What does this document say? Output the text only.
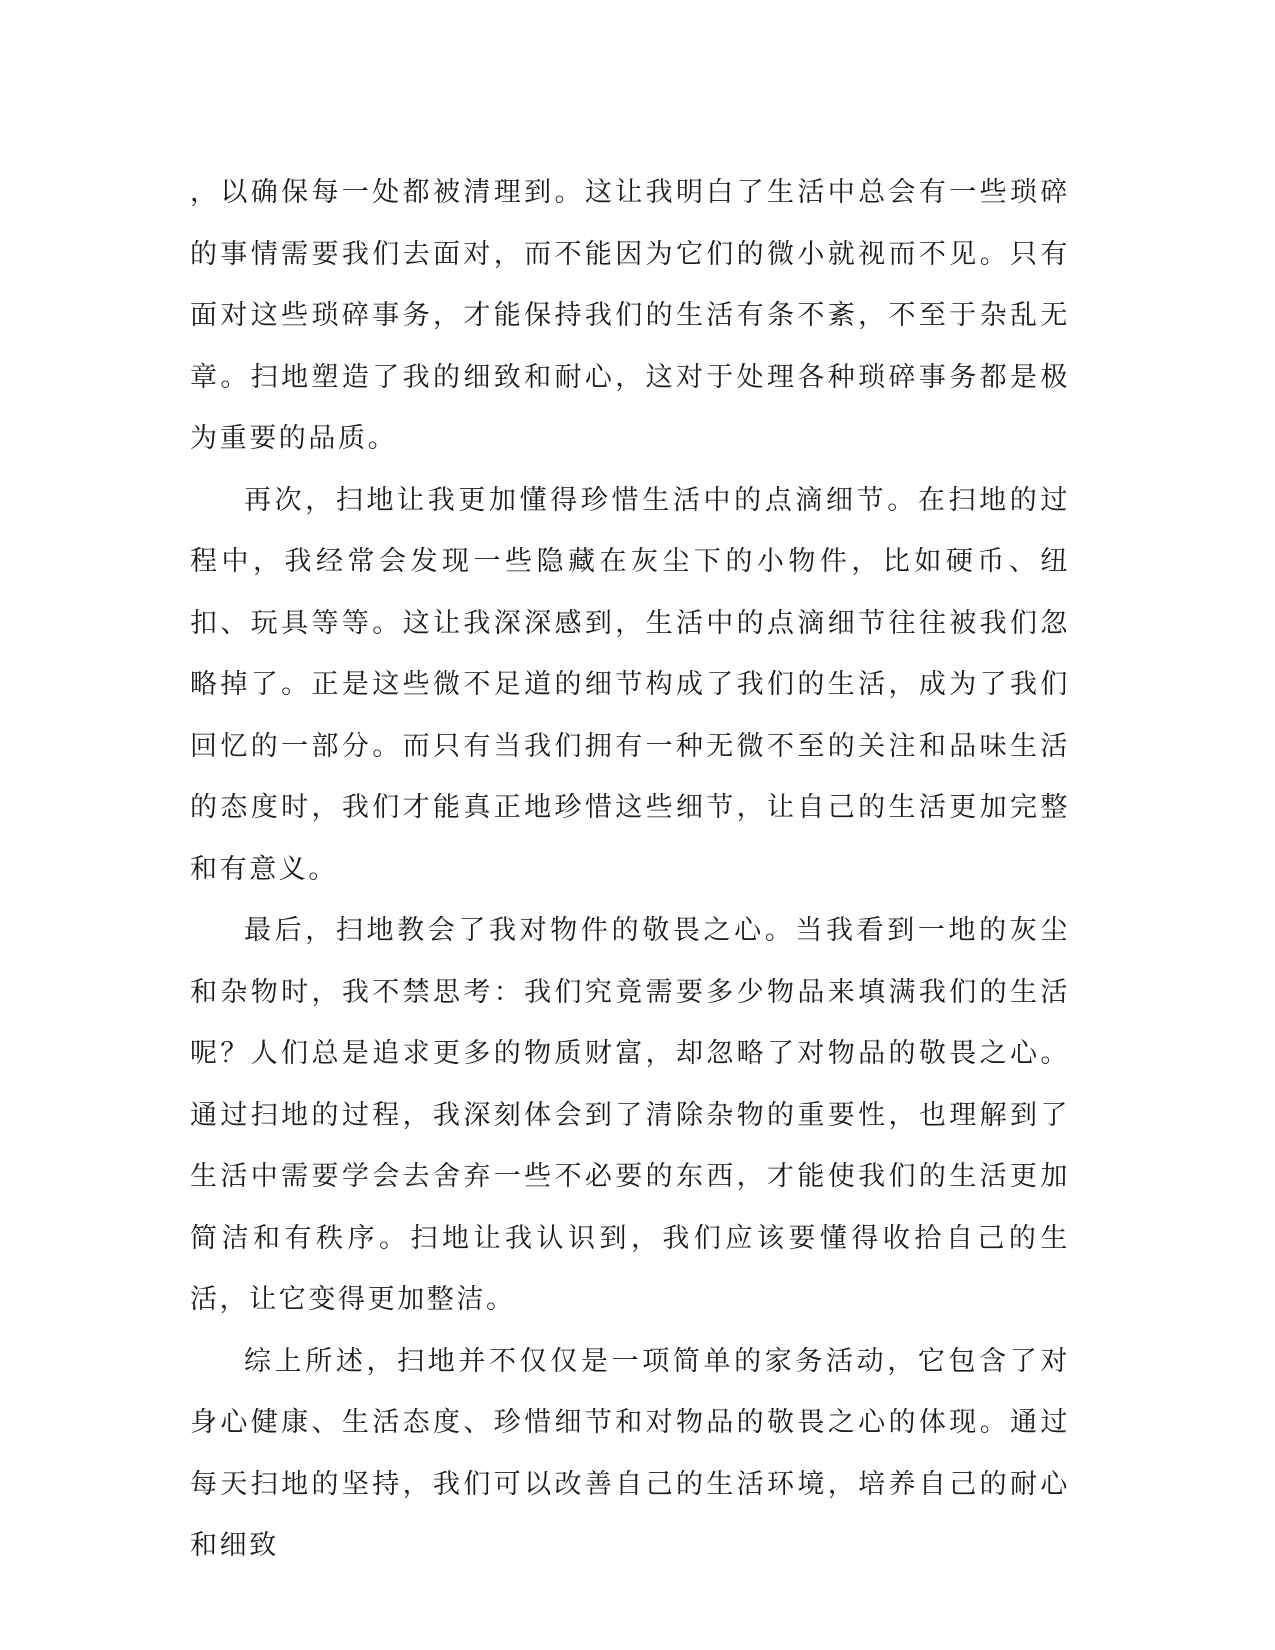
，以确保每一处都被清理到。这让我明白了生活中总会有一些琐碎的事情需要我们去面对，而不能因为它们的微小就视而不见。只有面对这些琐碎事务，才能保持我们的生活有条不紊，不至于杂乱无章。扫地塑造了我的细致和耐心，这对于处理各种琐碎事务都是极为重要的品质。

再次，扫地让我更加懂得珍惜生活中的点滴细节。在扫地的过程中，我经常会发现一些隐藏在灰尘下的小物件，比如硬币、纽扣、玩具等等。这让我深深感到，生活中的点滴细节往往被我们忽略掉了。正是这些微不足道的细节构成了我们的生活，成为了我们回忆的一部分。而只有当我们拥有一种无微不至的关注和品味生活的态度时，我们才能真正地珍惜这些细节，让自己的生活更加完整和有意义。

最后，扫地教会了我对物件的敬畏之心。当我看到一地的灰尘和杂物时，我不禁思考：我们究竟需要多少物品来填满我们的生活呢？人们总是追求更多的物质财富，却忽略了对物品的敬畏之心。通过扫地的过程，我深刻体会到了清除杂物的重要性，也理解到了生活中需要学会去舍弃一些不必要的东西，才能使我们的生活更加简洁和有秩序。扫地让我认识到，我们应该要懂得收拾自己的生活，让它变得更加整洁。

综上所述，扫地并不仅仅是一项简单的家务活动，它包含了对身心健康、生活态度、珍惜细节和对物品的敬畏之心的体现。通过每天扫地的坚持，我们可以改善自己的生活环境，培养自己的耐心和细致
